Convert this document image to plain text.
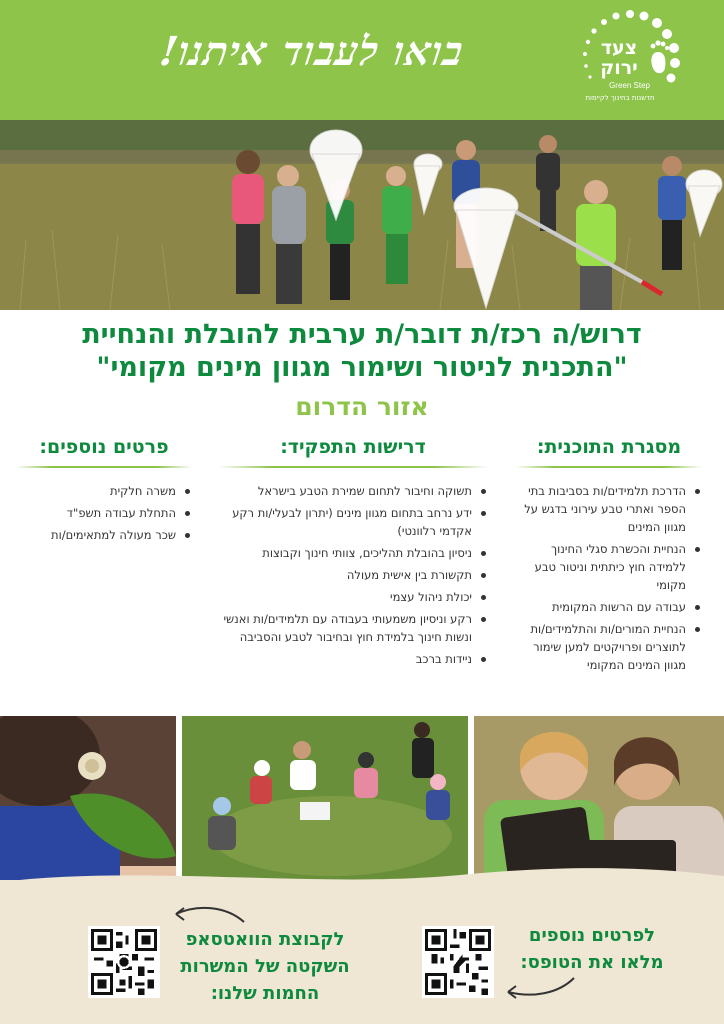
בואו לעבוד איתנו!	צעד
ירוק
Green Step
חדשנות בחינוך לקיימות
דרוש/ה רכז/ת דובר/ת ערבית להובלת והנחיית
"התכנית לניטור ושימור מגוון מינים מקומי"
אזור הדרום
מסגרת התוכנית:
הדרכת תלמידים/ות בסביבות בתי הספר ואתרי טבע עירוני בדגש על מגוון המינים
הנחיית והכשרת סגלי החינוך ללמידה חוץ כיתתית וניטור טבע מקומי
עבודה עם הרשות המקומית
הנחיית המורים/ות והתלמידים/ות לתוצרים ופרויקטים למען שימור מגוון המינים המקומי
דרישות התפקיד:
תשוקה וחיבור לתחום שמירת הטבע בישראל
ידע נרחב בתחום מגוון מינים (יתרון לבעלי/ות רקע אקדמי רלוונטי)
ניסיון בהובלת תהליכים, צוותי חינוך וקבוצות
תקשורת בין אישית מעולה
יכולת ניהול עצמי
רקע וניסיון משמעותי בעבודה עם תלמידים/ות ואנשי ונשות חינוך בלמידת חוץ ובחיבור לטבע והסביבה
ניידות ברכב
פרטים נוספים:
משרה חלקית
התחלת עבודה תשפ"ד
שכר מעולה למתאימים/ות
לקבוצת הוואטסאפ השקטה של המשרות החמות שלנו:
לפרטים נוספים מלאו את הטופס:
